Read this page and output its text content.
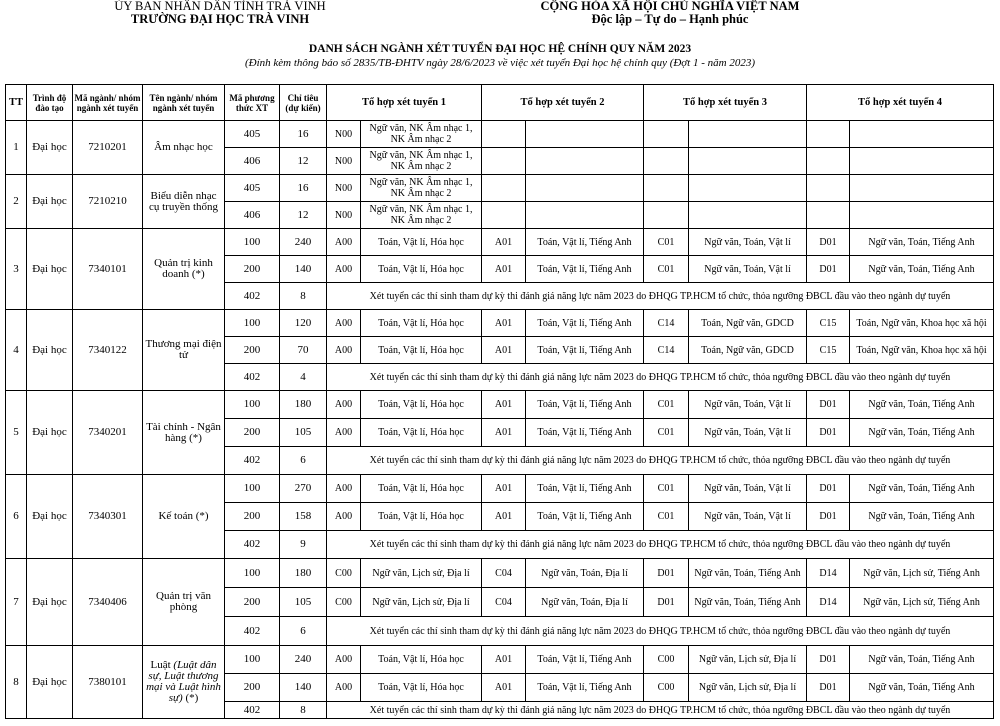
ỦY BAN NHÂN DÂN TỈNH TRÀ VINH
TRƯỜNG ĐẠI HỌC TRÀ VINH
CỘNG HÒA XÃ HỘI CHỦ NGHĨA VIỆT NAM
Độc lập – Tự do – Hạnh phúc
DANH SÁCH NGÀNH XÉT TUYỂN ĐẠI HỌC HỆ CHÍNH QUY NĂM 2023
(Đính kèm thông báo số 2835/TB-ĐHTV ngày 28/6/2023 về việc xét tuyển Đại học hệ chính quy (Đợt 1 - năm 2023)
TT	Trình độ đào tạo	Mã ngành/ nhóm ngành xét tuyển	Tên ngành/ nhóm ngành xét tuyển	Mã phương thức XT	Chỉ tiêu (dự kiến)	Tổ hợp xét tuyển 1		Tổ hợp xét tuyển 2		Tổ hợp xét tuyển 3		Tổ hợp xét tuyển 4	
1	Đại học	7210201	Âm nhạc học	405	16	N00	Ngữ văn, NK Âm nhạc 1, NK Âm nhạc 2						
				406	12	N00	Ngữ văn, NK Âm nhạc 1, NK Âm nhạc 2						
2	Đại học	7210210	Biểu diễn nhạc cụ truyền thống	405	16	N00	Ngữ văn, NK Âm nhạc 1, NK Âm nhạc 2						
				406	12	N00	Ngữ văn, NK Âm nhạc 1, NK Âm nhạc 2						
3	Đại học	7340101	Quản trị kinh doanh (*)	100	240	A00	Toán, Vật lí, Hóa học	A01	Toán, Vật lí, Tiếng Anh	C01	Ngữ văn, Toán, Vật lí	D01	Ngữ văn, Toán, Tiếng Anh
				200	140	A00	Toán, Vật lí, Hóa học	A01	Toán, Vật lí, Tiếng Anh	C01	Ngữ văn, Toán, Vật lí	D01	Ngữ văn, Toán, Tiếng Anh
				402	8	Xét tuyển các thí sinh tham dự kỳ thi đánh giá năng lực năm 2023 do ĐHQG TP.HCM tổ chức, thỏa ngưỡng ĐBCL đầu vào theo ngành dự tuyển							
4	Đại học	7340122	Thương mại điện tử	100	120	A00	Toán, Vật lí, Hóa học	A01	Toán, Vật lí, Tiếng Anh	C14	Toán, Ngữ văn, GDCD	C15	Toán, Ngữ văn, Khoa học xã hội
				200	70	A00	Toán, Vật lí, Hóa học	A01	Toán, Vật lí, Tiếng Anh	C14	Toán, Ngữ văn, GDCD	C15	Toán, Ngữ văn, Khoa học xã hội
				402	4	Xét tuyển các thí sinh tham dự kỳ thi đánh giá năng lực năm 2023 do ĐHQG TP.HCM tổ chức, thỏa ngưỡng ĐBCL đầu vào theo ngành dự tuyển							
5	Đại học	7340201	Tài chính - Ngân hàng (*)	100	180	A00	Toán, Vật lí, Hóa học	A01	Toán, Vật lí, Tiếng Anh	C01	Ngữ văn, Toán, Vật lí	D01	Ngữ văn, Toán, Tiếng Anh
				200	105	A00	Toán, Vật lí, Hóa học	A01	Toán, Vật lí, Tiếng Anh	C01	Ngữ văn, Toán, Vật lí	D01	Ngữ văn, Toán, Tiếng Anh
				402	6	Xét tuyển các thí sinh tham dự kỳ thi đánh giá năng lực năm 2023 do ĐHQG TP.HCM tổ chức, thỏa ngưỡng ĐBCL đầu vào theo ngành dự tuyển							
6	Đại học	7340301	Kế toán (*)	100	270	A00	Toán, Vật lí, Hóa học	A01	Toán, Vật lí, Tiếng Anh	C01	Ngữ văn, Toán, Vật lí	D01	Ngữ văn, Toán, Tiếng Anh
				200	158	A00	Toán, Vật lí, Hóa học	A01	Toán, Vật lí, Tiếng Anh	C01	Ngữ văn, Toán, Vật lí	D01	Ngữ văn, Toán, Tiếng Anh
				402	9	Xét tuyển các thí sinh tham dự kỳ thi đánh giá năng lực năm 2023 do ĐHQG TP.HCM tổ chức, thỏa ngưỡng ĐBCL đầu vào theo ngành dự tuyển							
7	Đại học	7340406	Quản trị văn phòng	100	180	C00	Ngữ văn, Lịch sử, Địa lí	C04	Ngữ văn, Toán, Địa lí	D01	Ngữ văn, Toán, Tiếng Anh	D14	Ngữ văn, Lịch sử, Tiếng Anh
				200	105	C00	Ngữ văn, Lịch sử, Địa lí	C04	Ngữ văn, Toán, Địa lí	D01	Ngữ văn, Toán, Tiếng Anh	D14	Ngữ văn, Lịch sử, Tiếng Anh
				402	6	Xét tuyển các thí sinh tham dự kỳ thi đánh giá năng lực năm 2023 do ĐHQG TP.HCM tổ chức, thỏa ngưỡng ĐBCL đầu vào theo ngành dự tuyển							
8	Đại học	7380101	Luật (Luật dân sự, Luật thương mại và Luật hình sự) (*)	100	240	A00	Toán, Vật lí, Hóa học	A01	Toán, Vật lí, Tiếng Anh	C00	Ngữ văn, Lịch sử, Địa lí	D01	Ngữ văn, Toán, Tiếng Anh
				200	140	A00	Toán, Vật lí, Hóa học	A01	Toán, Vật lí, Tiếng Anh	C00	Ngữ văn, Lịch sử, Địa lí	D01	Ngữ văn, Toán, Tiếng Anh
				402	8	Xét tuyển các thí sinh tham dự kỳ thi đánh giá năng lực năm 2023 do ĐHQG TP.HCM tổ chức, thỏa ngưỡng ĐBCL đầu vào theo ngành dự tuyển							
